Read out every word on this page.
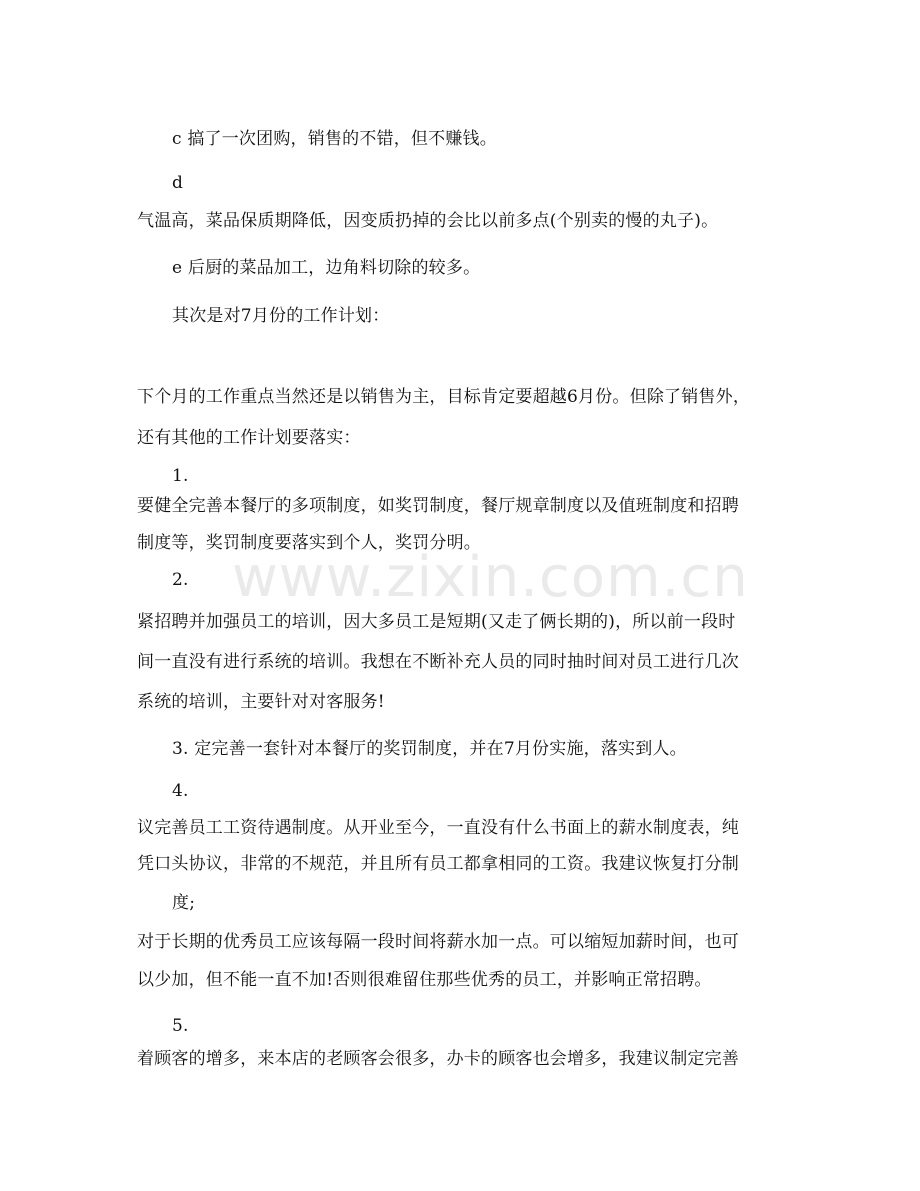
c 搞了一次团购，销售的不错，但不赚钱。
d
气温高，菜品保质期降低，因变质扔掉的会比以前多点(个别卖的慢的丸子)。
e 后厨的菜品加工，边角料切除的较多。
其次是对7月份的工作计划：
下个月的工作重点当然还是以销售为主，目标肯定要超越6月份。但除了销售外，
还有其他的工作计划要落实：
1.
要健全完善本餐厅的多项制度，如奖罚制度，餐厅规章制度以及值班制度和招聘
制度等，奖罚制度要落实到个人，奖罚分明。
2.
紧招聘并加强员工的培训，因大多员工是短期(又走了俩长期的)，所以前一段时
间一直没有进行系统的培训。我想在不断补充人员的同时抽时间对员工进行几次
系统的培训，主要针对对客服务!
3. 定完善一套针对本餐厅的奖罚制度，并在7月份实施，落实到人。
4.
议完善员工工资待遇制度。从开业至今，一直没有什么书面上的薪水制度表，纯
凭口头协议，非常的不规范，并且所有员工都拿相同的工资。我建议恢复打分制
度;
对于长期的优秀员工应该每隔一段时间将薪水加一点。可以缩短加薪时间，也可
以少加，但不能一直不加!否则很难留住那些优秀的员工，并影响正常招聘。
5.
着顾客的增多，来本店的老顾客会很多，办卡的顾客也会增多，我建议制定完善
www.zixin.com.cn
